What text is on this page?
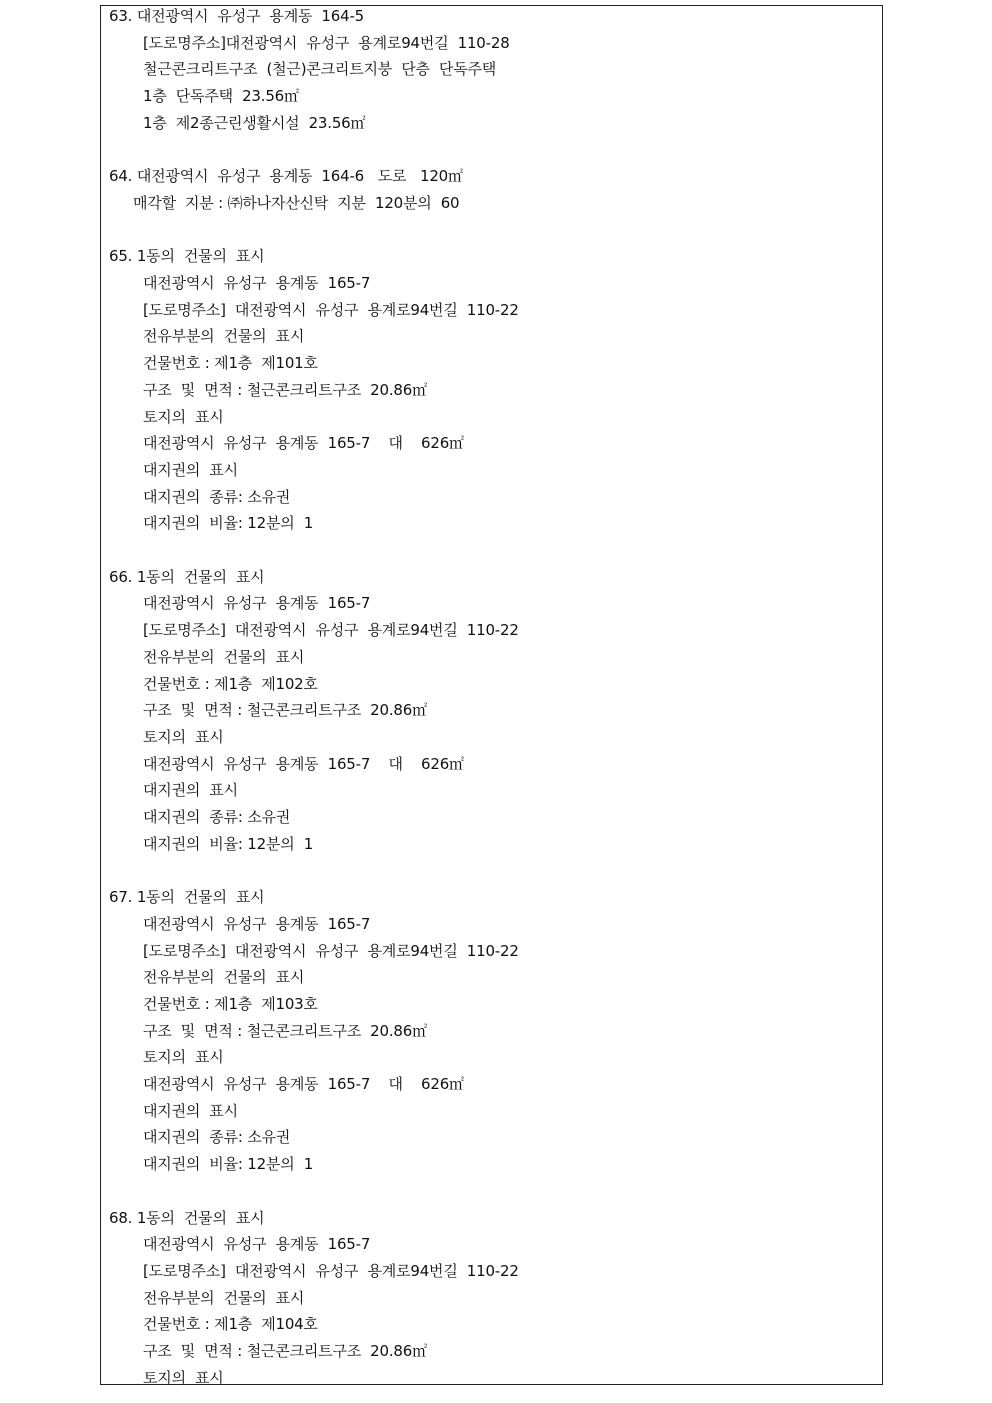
63. 대전광역시  유성구  용계동  164-5
[도로명주소]대전광역시  유성구  용계로94번길  110-28
철근콘크리트구조  (철근)콘크리트지붕  단층  단독주택
1층  단독주택  23.56㎡
1층  제2종근린생활시설  23.56㎡
64. 대전광역시  유성구  용계동  164-6   도로   120㎡
매각할  지분 : ㈜하나자산신탁  지분  120분의  60
65. 1동의  건물의  표시
대전광역시  유성구  용계동  165-7
[도로명주소]  대전광역시  유성구  용계로94번길  110-22
전유부분의  건물의  표시
건물번호 : 제1층  제101호
구조  및  면적 : 철근콘크리트구조  20.86㎡
토지의  표시
대전광역시  유성구  용계동  165-7    대    626㎡
대지권의  표시
대지권의  종류: 소유권
대지권의  비율: 12분의  1
66. 1동의  건물의  표시
대전광역시  유성구  용계동  165-7
[도로명주소]  대전광역시  유성구  용계로94번길  110-22
전유부분의  건물의  표시
건물번호 : 제1층  제102호
구조  및  면적 : 철근콘크리트구조  20.86㎡
토지의  표시
대전광역시  유성구  용계동  165-7    대    626㎡
대지권의  표시
대지권의  종류: 소유권
대지권의  비율: 12분의  1
67. 1동의  건물의  표시
대전광역시  유성구  용계동  165-7
[도로명주소]  대전광역시  유성구  용계로94번길  110-22
전유부분의  건물의  표시
건물번호 : 제1층  제103호
구조  및  면적 : 철근콘크리트구조  20.86㎡
토지의  표시
대전광역시  유성구  용계동  165-7    대    626㎡
대지권의  표시
대지권의  종류: 소유권
대지권의  비율: 12분의  1
68. 1동의  건물의  표시
대전광역시  유성구  용계동  165-7
[도로명주소]  대전광역시  유성구  용계로94번길  110-22
전유부분의  건물의  표시
건물번호 : 제1층  제104호
구조  및  면적 : 철근콘크리트구조  20.86㎡
토지의  표시
